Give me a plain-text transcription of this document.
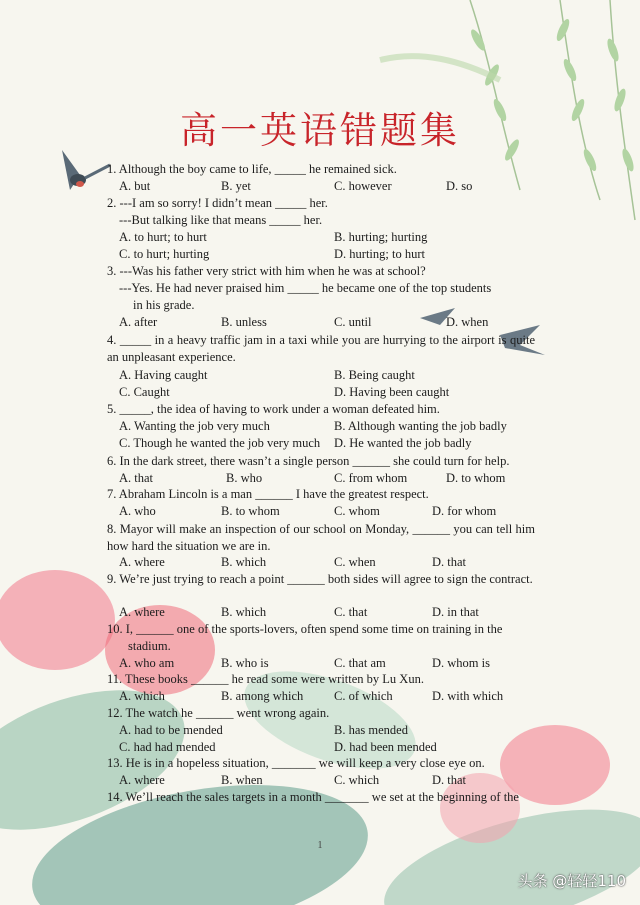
高一英语错题集
1. Although the boy came to life, _____ he remained sick.
A. but	B. yet	C. however	D. so
2. ---I am so sorry! I didn’t mean _____ her.
---But talking like that means _____ her.
A. to hurt; to hurt	B. hurting; hurting
C. to hurt; hurting	D. hurting; to hurt
3. ---Was his father very strict with him when he was at school?
---Yes. He had never praised him _____ he became one of the top students
in his grade.
A. after	B. unless	C. until	D. when
4. _____ in a heavy traffic jam in a taxi while you are hurrying to the airport is quite an unpleasant experience.
A. Having caught	B. Being caught
C. Caught	D. Having been caught
5. _____, the idea of having to work under a woman defeated him.
A. Wanting the job very much	B. Although wanting the job badly
C. Though he wanted the job very much D. He wanted the job badly
6. In the dark street, there wasn’t a single person ______ she could turn for help.
A. that	B. who	C. from whom	D. to whom
7. Abraham Lincoln is a man ______ I have the greatest respect.
A. who	B. to whom	C. whom	D. for whom
8. Mayor will make an inspection of our school on Monday, ______ you can tell him how hard the situation we are in.
A. where	B. which	C. when	D. that
9. We’re just trying to reach a point ______ both sides will agree to sign the contract.
A. where	B. which	C. that	D. in that
10. I, ______ one of the sports-lovers, often spend some time on training in the
stadium.
A. who am	B. who is	C. that am	D. whom is
11. These books ______ he read some were written by Lu Xun.
A. which	B. among which C. of which	D. with which
12. The watch he ______ went wrong again.
A. had to be mended	B. has mended
C. had had mended	D. had been mended
13. He is in a hopeless situation, _______ we will keep a very close eye on.
A. where	B. when	C. which	D. that
14. We’ll reach the sales targets in a month _______ we set at the beginning of the
1
头条 @轻轻110
